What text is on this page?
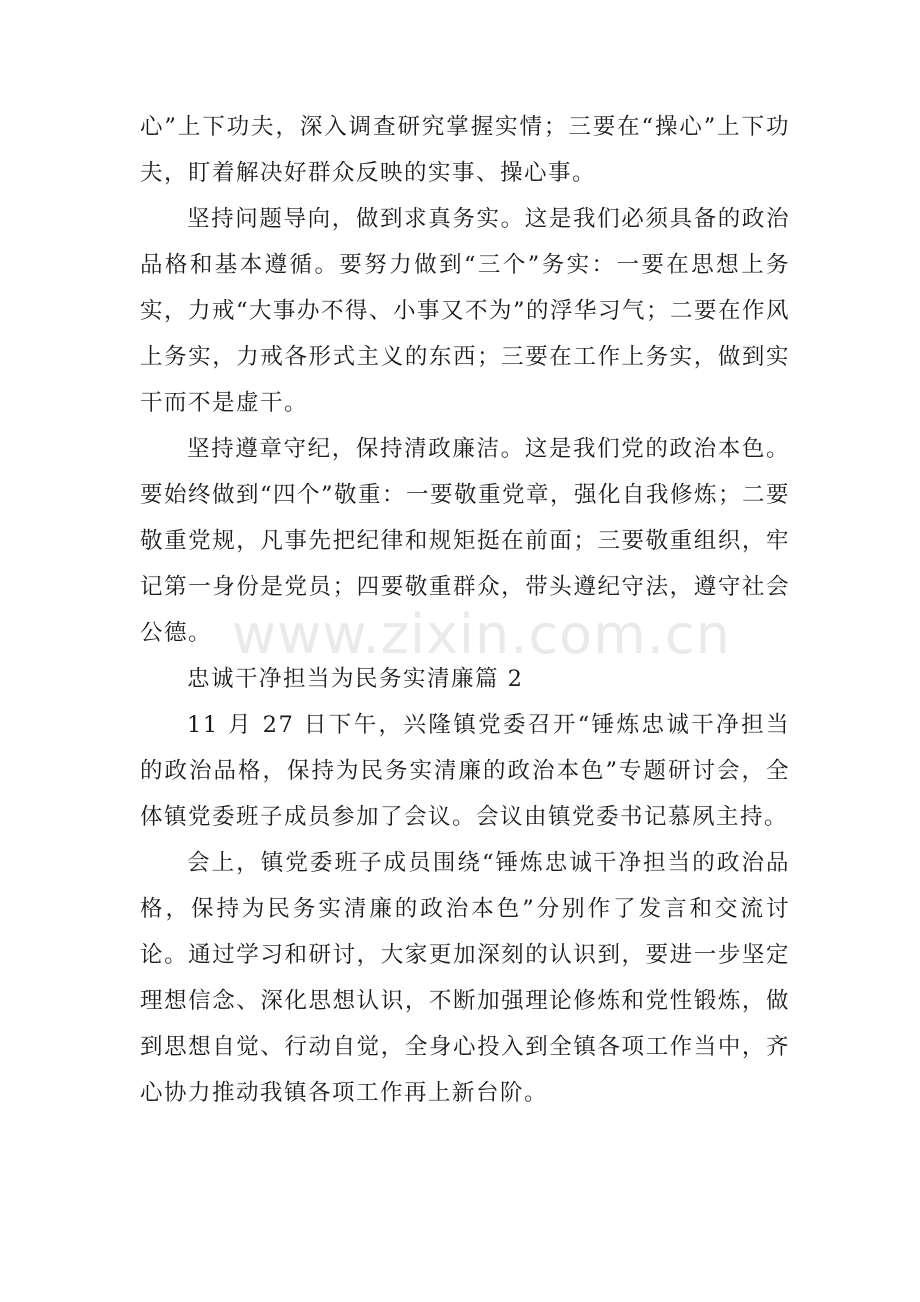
心”上下功夫，深入调查研究掌握实情；三要在“操心”上下功夫，盯着解决好群众反映的实事、操心事。

坚持问题导向，做到求真务实。这是我们必须具备的政治品格和基本遵循。要努力做到“三个”务实：一要在思想上务实，力戒“大事办不得、小事又不为”的浮华习气；二要在作风上务实，力戒各形式主义的东西；三要在工作上务实，做到实干而不是虚干。

坚持遵章守纪，保持清政廉洁。这是我们党的政治本色。要始终做到“四个”敬重：一要敬重党章，强化自我修炼；二要敬重党规，凡事先把纪律和规矩挺在前面；三要敬重组织，牢记第一身份是党员；四要敬重群众，带头遵纪守法，遵守社会公德。

忠诚干净担当为民务实清廉篇 2

11 月 27 日下午，兴隆镇党委召开“锤炼忠诚干净担当的政治品格，保持为民务实清廉的政治本色”专题研讨会，全体镇党委班子成员参加了会议。会议由镇党委书记慕夙主持。

会上，镇党委班子成员围绕“锤炼忠诚干净担当的政治品格，保持为民务实清廉的政治本色”分别作了发言和交流讨论。通过学习和研讨，大家更加深刻的认识到，要进一步坚定理想信念、深化思想认识，不断加强理论修炼和党性锻炼，做到思想自觉、行动自觉，全身心投入到全镇各项工作当中，齐心协力推动我镇各项工作再上新台阶。

www.zixin.com.cn
